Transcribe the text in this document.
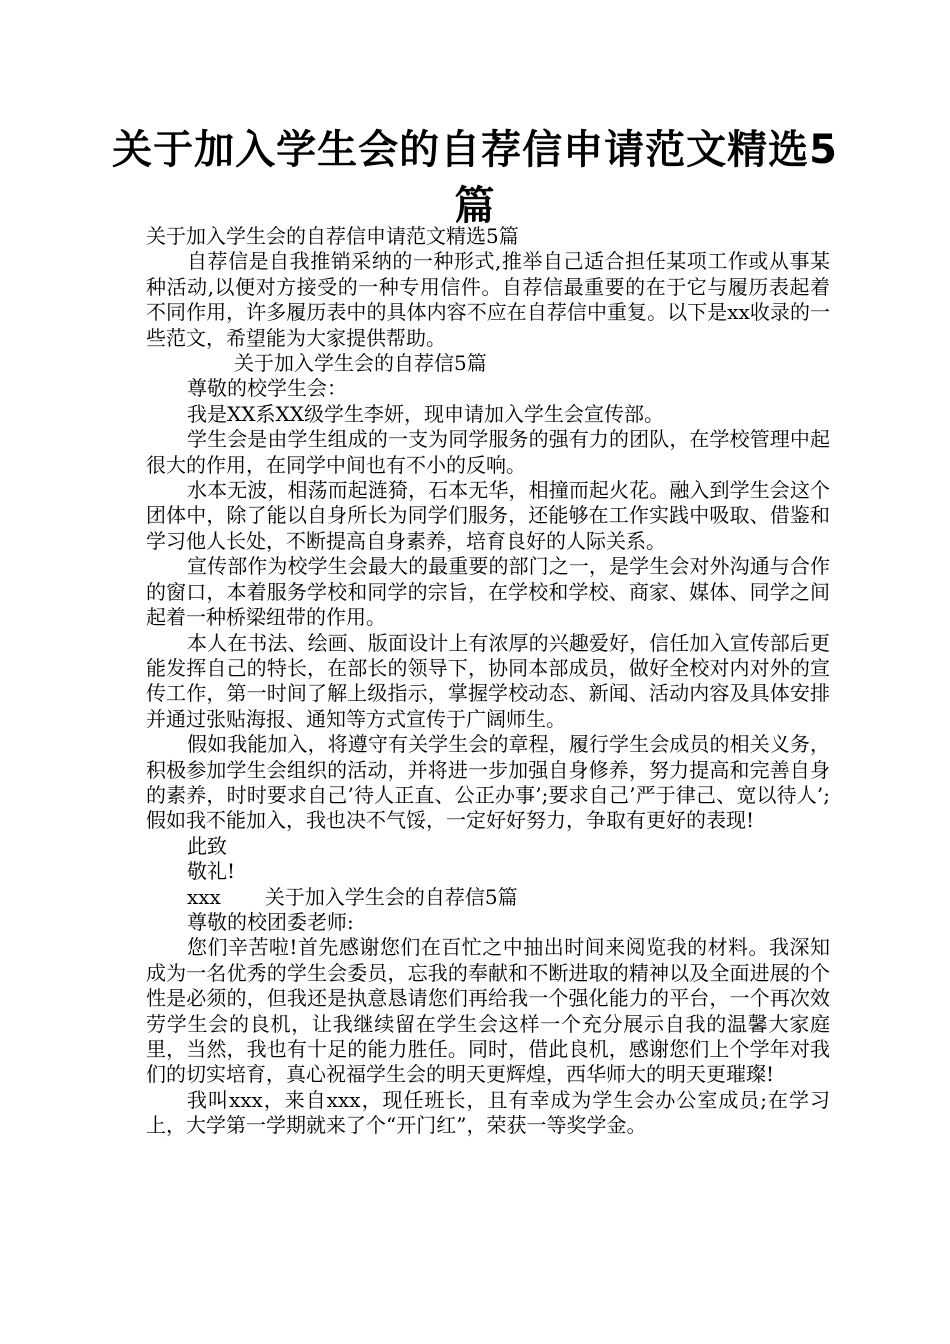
关于加入学生会的自荐信申请范文精选5篇

关于加入学生会的自荐信申请范文精选5篇

自荐信是自我推销采纳的一种形式,推举自己适合担任某项工作或从事某种活动,以便对方接受的一种专用信件。自荐信最重要的在于它与履历表起着不同作用，许多履历表中的具体内容不应在自荐信中重复。以下是xx收录的一些范文，希望能为大家提供帮助。

关于加入学生会的自荐信5篇

尊敬的校学生会：

我是XX系XX级学生李妍，现申请加入学生会宣传部。

学生会是由学生组成的一支为同学服务的强有力的团队，在学校管理中起很大的作用，在同学中间也有不小的反响。

水本无波，相荡而起涟猗，石本无华，相撞而起火花。融入到学生会这个团体中，除了能以自身所长为同学们服务，还能够在工作实践中吸取、借鉴和学习他人长处，不断提高自身素养，培育良好的人际关系。

宣传部作为校学生会最大的最重要的部门之一，是学生会对外沟通与合作的窗口，本着服务学校和同学的宗旨，在学校和学校、商家、媒体、同学之间起着一种桥梁纽带的作用。

本人在书法、绘画、版面设计上有浓厚的兴趣爱好，信任加入宣传部后更能发挥自己的特长，在部长的领导下，协同本部成员，做好全校对内对外的宣传工作，第一时间了解上级指示，掌握学校动态、新闻、活动内容及具体安排并通过张贴海报、通知等方式宣传于广阔师生。

假如我能加入，将遵守有关学生会的章程，履行学生会成员的相关义务，积极参加学生会组织的活动，并将进一步加强自身修养，努力提高和完善自身的素养，时时要求自己’待人正直、公正办事’;要求自己’严于律己、宽以待人’;假如我不能加入，我也决不气馁，一定好好努力，争取有更好的表现!

此致

敬礼!

xxx 关于加入学生会的自荐信5篇

尊敬的校团委老师:

您们辛苦啦!首先感谢您们在百忙之中抽出时间来阅览我的材料。我深知成为一名优秀的学生会委员，忘我的奉献和不断进取的精神以及全面进展的个性是必须的，但我还是执意恳请您们再给我一个强化能力的平台，一个再次效劳学生会的良机，让我继续留在学生会这样一个充分展示自我的温馨大家庭里，当然，我也有十足的能力胜任。同时，借此良机，感谢您们上个学年对我们的切实培育，真心祝福学生会的明天更辉煌，西华师大的明天更璀璨!

我叫xxx，来自xxx，现任班长，且有幸成为学生会办公室成员;在学习上，大学第一学期就来了个“开门红”，荣获一等奖学金。
